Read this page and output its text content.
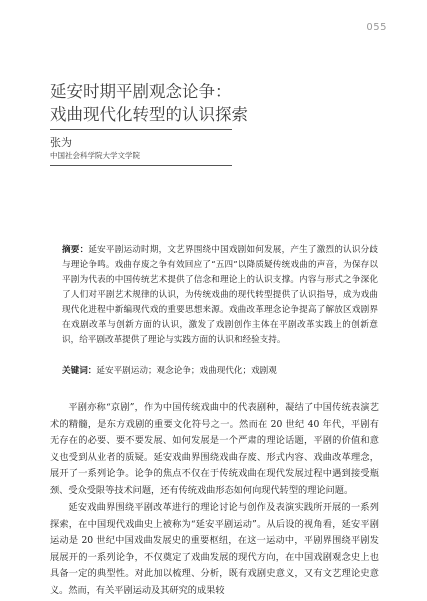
055
延安时期平剧观念论争：
戏曲现代化转型的认识探索
张为
中国社会科学院大学文学院

摘要：延安平剧运动时期，文艺界围绕中国戏剧如何发展，产生了激烈的认识分歧与理论争鸣。戏曲存废之争有效回应了“五四”以降质疑传统戏曲的声音，为保存以平剧为代表的中国传统艺术提供了信念和理论上的认识支撑。内容与形式之争深化了人们对平剧艺术规律的认识，为传统戏曲的现代转型提供了认识指导，成为戏曲现代化进程中新编现代戏的重要思想来源。戏曲改革理念论争提高了解放区戏剧界在戏剧改革与创新方面的认识，激发了戏剧创作主体在平剧改革实践上的创新意识，给平剧改革提供了理论与实践方面的认识和经验支持。

关键词：延安平剧运动；观念论争；戏曲现代化；戏剧观

平剧亦称“京剧”，作为中国传统戏曲中的代表剧种，凝结了中国传统表演艺术的精髓，是东方戏剧的重要文化符号之一。然而在 20 世纪 40 年代，平剧有无存在的必要、要不要发展、如何发展是一个严肃的理论话题，平剧的价值和意义也受到从业者的质疑。延安戏曲界围绕戏曲存废、形式内容、戏曲改革理念，展开了一系列论争。论争的焦点不仅在于传统戏曲在现代发展过程中遇到接受瓶颈、受众受限等技术问题，还有传统戏曲形态如何向现代转型的理论问题。

延安戏曲界围绕平剧改革进行的理论讨论与创作及表演实践所开展的一系列探索，在中国现代戏曲史上被称为“延安平剧运动”。从后设的视角看，延安平剧运动是 20 世纪中国戏曲发展史的重要枢纽，在这一运动中，平剧界围绕平剧发展展开的一系列论争，不仅奠定了戏曲发展的现代方向，在中国戏剧观念史上也具备一定的典型性。对此加以梳理、分析，既有戏剧史意义，又有文艺理论史意义。然而，有关平剧运动及其研究的成果较
